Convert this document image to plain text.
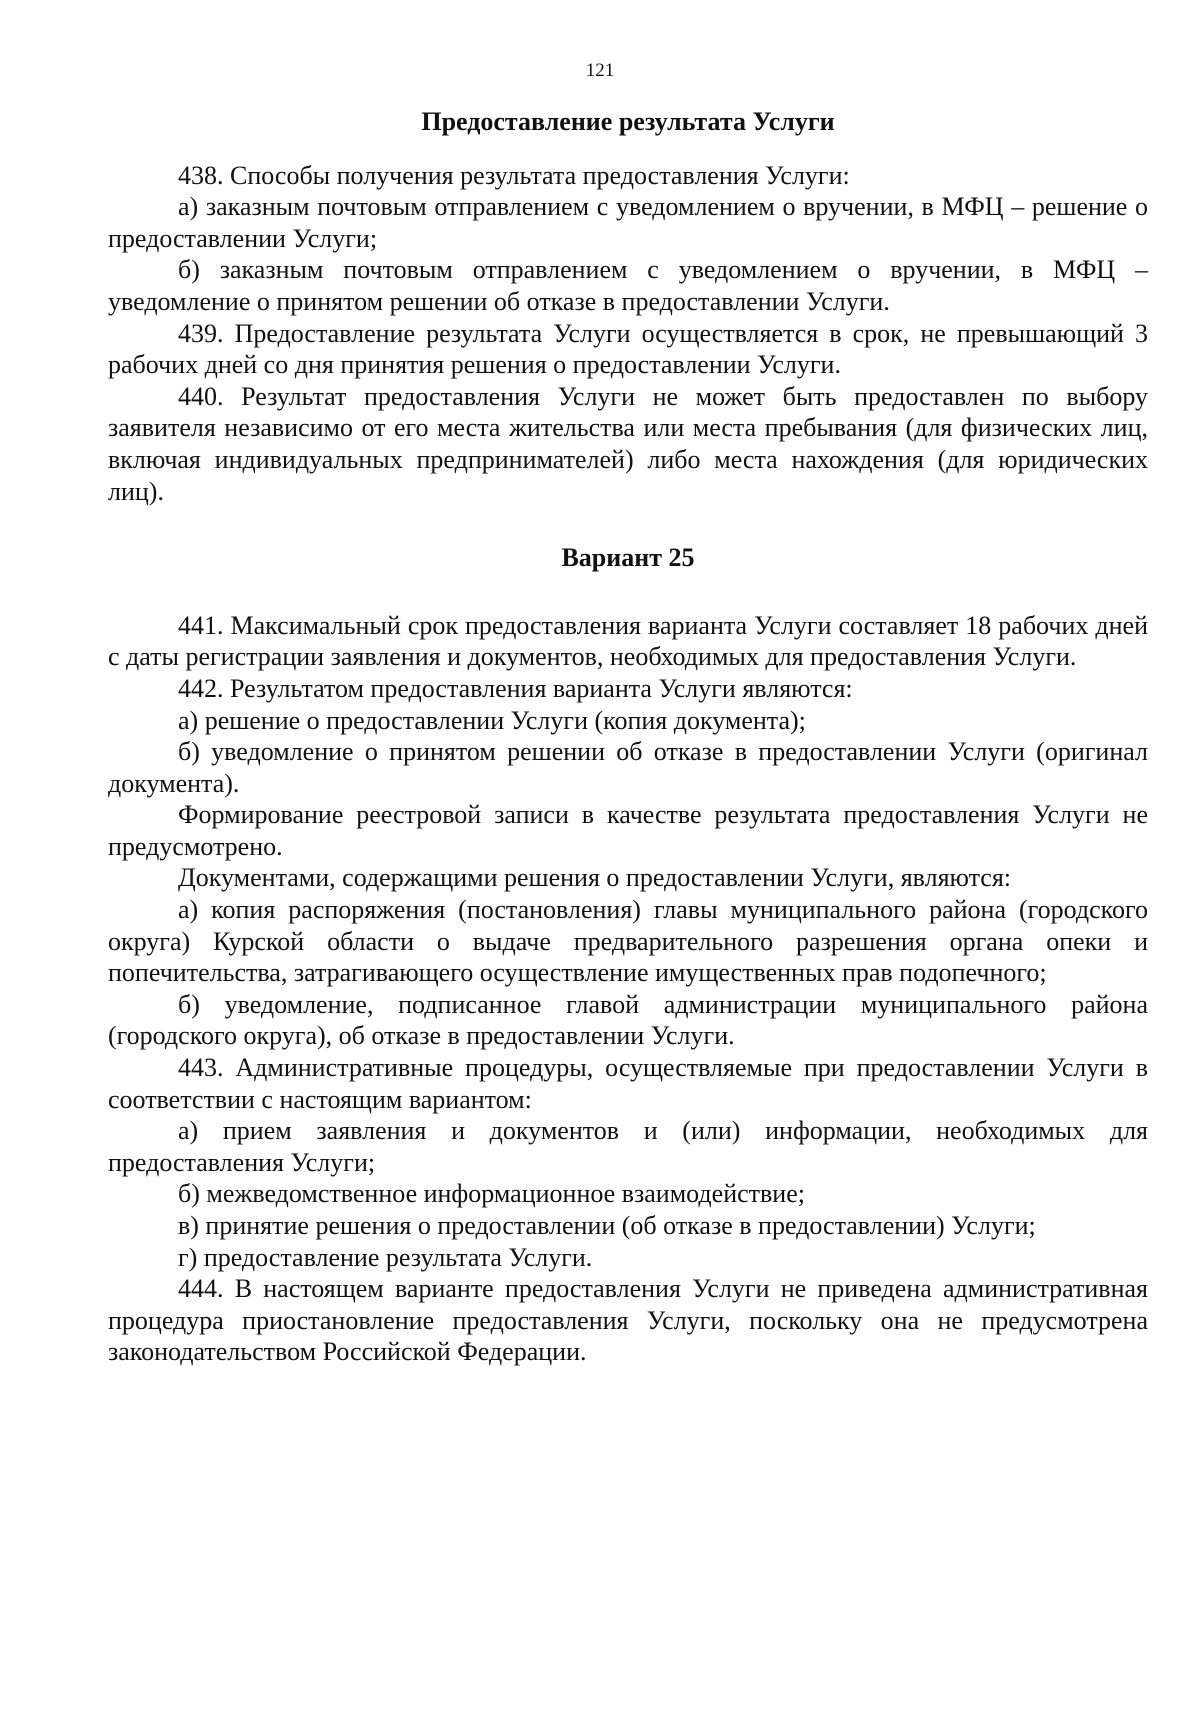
121

Предоставление результата Услуги

438. Способы получения результата предоставления Услуги:

а) заказным почтовым отправлением с уведомлением о вручении, в МФЦ – решение о предоставлении Услуги;

б) заказным почтовым отправлением с уведомлением о вручении, в МФЦ – уведомление о принятом решении об отказе в предоставлении Услуги.

439. Предоставление результата Услуги осуществляется в срок, не превышающий 3 рабочих дней со дня принятия решения о предоставлении Услуги.

440. Результат предоставления Услуги не может быть предоставлен по выбору заявителя независимо от его места жительства или места пребывания (для физических лиц, включая индивидуальных предпринимателей) либо места нахождения (для юридических лиц).

Вариант 25

441. Максимальный срок предоставления варианта Услуги составляет 18 рабочих дней с даты регистрации заявления и документов, необходимых для предоставления Услуги.

442. Результатом предоставления варианта Услуги являются:

а) решение о предоставлении Услуги (копия документа);

б) уведомление о принятом решении об отказе в предоставлении Услуги (оригинал документа).

Формирование реестровой записи в качестве результата предоставления Услуги не предусмотрено.

Документами, содержащими решения о предоставлении Услуги, являются:

а) копия распоряжения (постановления) главы муниципального района (городского округа) Курской области о выдаче предварительного разрешения органа опеки и попечительства, затрагивающего осуществление имущественных прав подопечного;

б) уведомление, подписанное главой администрации муниципального района (городского округа), об отказе в предоставлении Услуги.

443. Административные процедуры, осуществляемые при предоставлении Услуги в соответствии с настоящим вариантом:

а) прием заявления и документов и (или) информации, необходимых для предоставления Услуги;

б) межведомственное информационное взаимодействие;

в) принятие решения о предоставлении (об отказе в предоставлении) Услуги;

г) предоставление результата Услуги.

444. В настоящем варианте предоставления Услуги не приведена административная процедура приостановление предоставления Услуги, поскольку она не предусмотрена законодательством Российской Федерации.
